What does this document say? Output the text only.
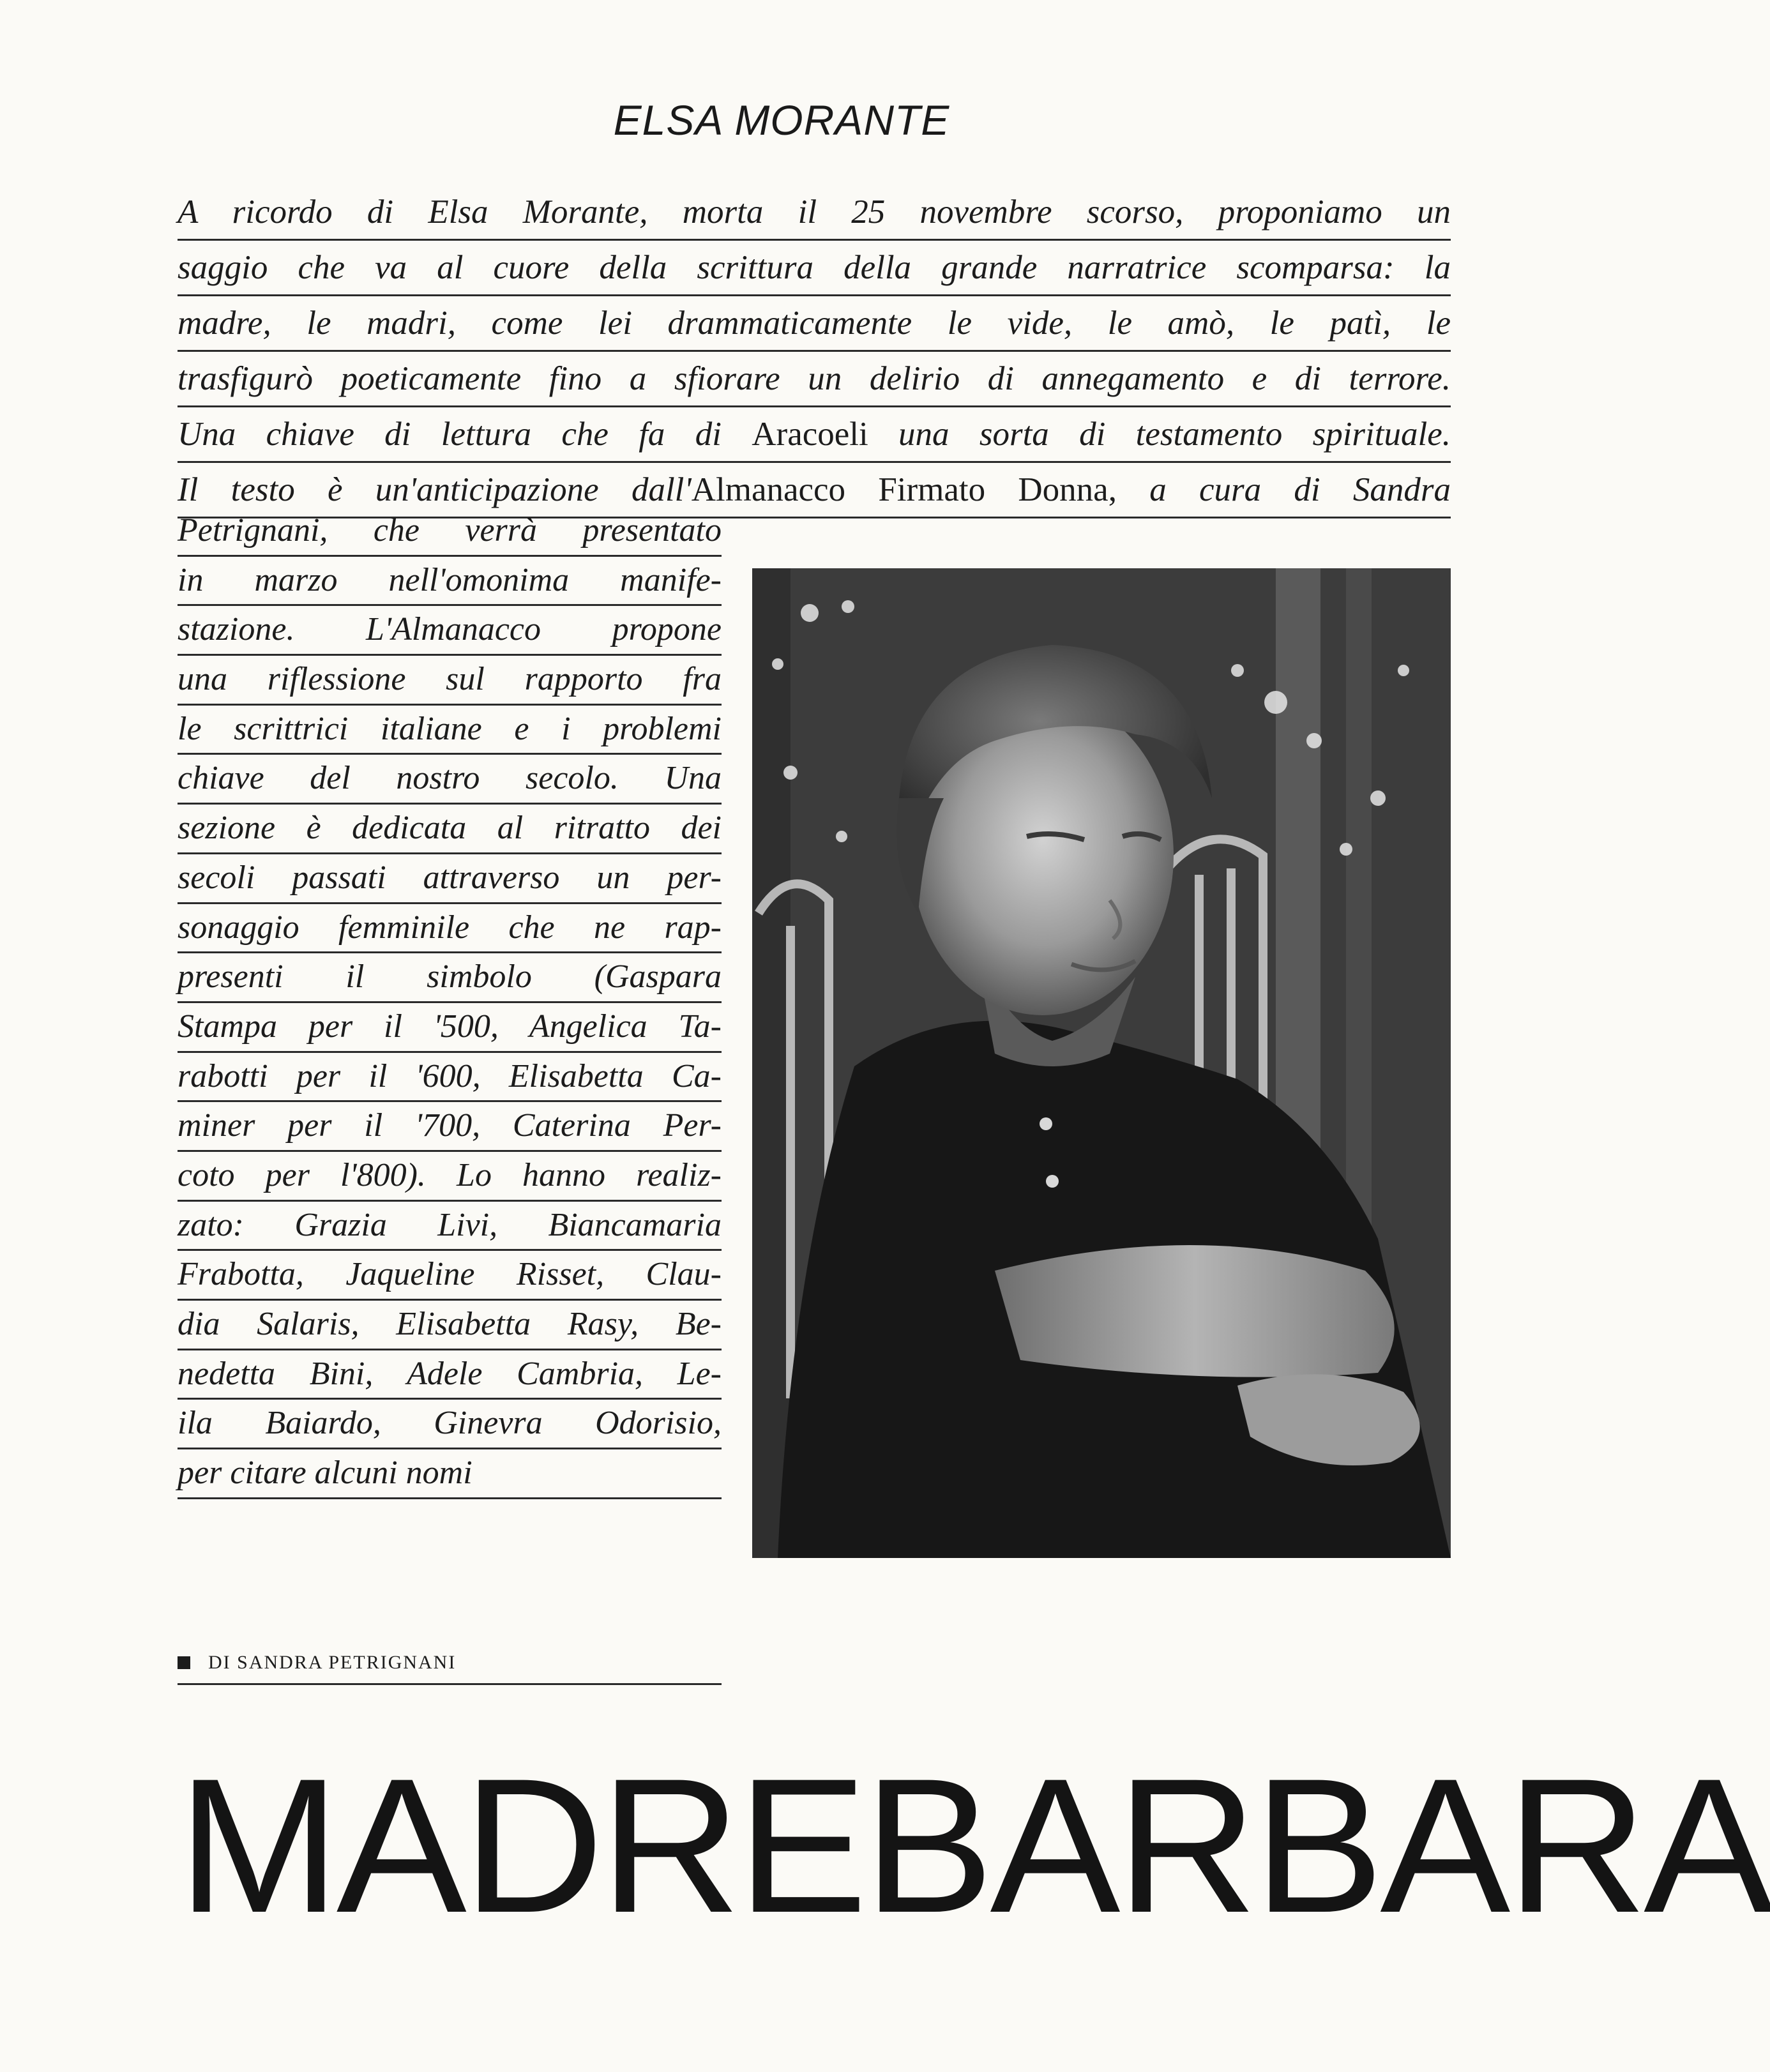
ELSA MORANTE
A ricordo di Elsa Morante, morta il 25 novembre scorso, proponiamo un
saggio che va al cuore della scrittura della grande narratrice scomparsa: la
madre, le madri, come lei drammaticamente le vide, le amò, le patì, le
trasfigurò poeticamente fino a sfiorare un delirio di annegamento e di terrore.
Una chiave di lettura che fa di Aracoeli una sorta di testamento spirituale.
Il testo è un'anticipazione dall'Almanacco Firmato Donna, a cura di Sandra
Petrignani, che verrà presentato
in marzo nell'omonima manife-
stazione. L'Almanacco propone
una riflessione sul rapporto fra
le scrittrici italiane e i problemi
chiave del nostro secolo. Una
sezione è dedicata al ritratto dei
secoli passati attraverso un per-
sonaggio femminile che ne rap-
presenti il simbolo (Gaspara
Stampa per il '500, Angelica Ta-
rabotti per il '600, Elisabetta Ca-
miner per il '700, Caterina Per-
coto per l'800). Lo hanno realiz-
zato: Grazia Livi, Biancamaria
Frabotta, Jaqueline Risset, Clau-
dia Salaris, Elisabetta Rasy, Be-
nedetta Bini, Adele Cambria, Le-
ila Baiardo, Ginevra Odorisio,
per citare alcuni nomi
DI SANDRA PETRIGNANI
MADRE BARBARA
